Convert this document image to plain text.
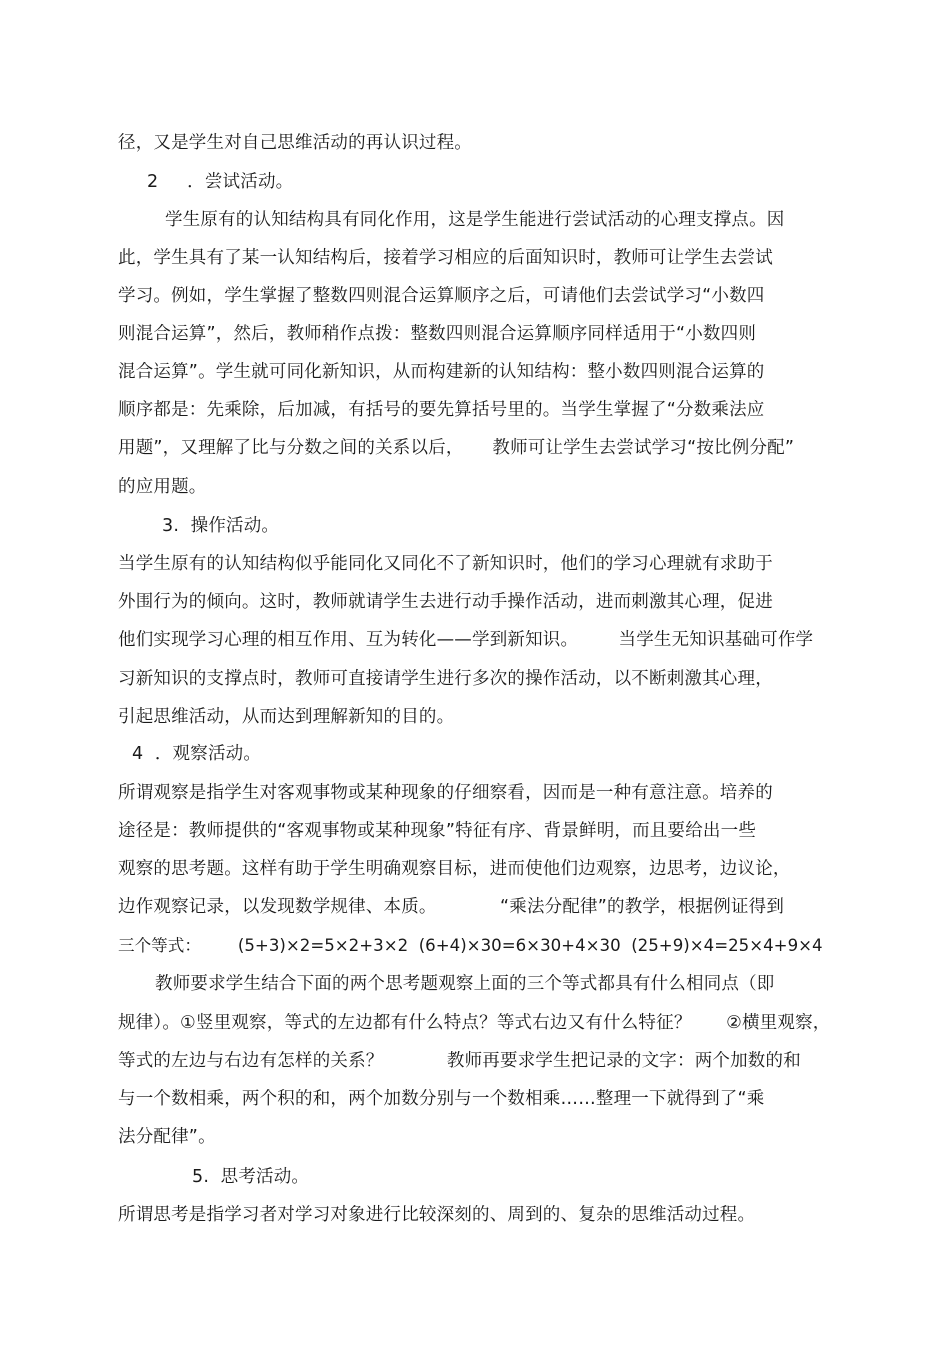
径，又是学生对自己思维活动的再认识过程。
2     ．尝试活动。
学生原有的认知结构具有同化作用，这是学生能进行尝试活动的心理支撑点。因
此，学生具有了某一认知结构后，接着学习相应的后面知识时，教师可让学生去尝试
学习。例如，学生掌握了整数四则混合运算顺序之后，可请他们去尝试学习“小数四
则混合运算”，然后，教师稍作点拨：整数四则混合运算顺序同样适用于“小数四则
混合运算”。学生就可同化新知识，从而构建新的认知结构：整小数四则混合运算的
顺序都是：先乘除，后加减，有括号的要先算括号里的。当学生掌握了“分数乘法应
用题”，又理解了比与分数之间的关系以后，     教师可让学生去尝试学习“按比例分配”
的应用题。
3.  操作活动。
当学生原有的认知结构似乎能同化又同化不了新知识时，他们的学习心理就有求助于
外围行为的倾向。这时，教师就请学生去进行动手操作活动，进而刺激其心理，促进
他们实现学习心理的相互作用、互为转化——学到新知识。       当学生无知识基础可作学
习新知识的支撑点时，教师可直接请学生进行多次的操作活动，以不断刺激其心理，
引起思维活动，从而达到理解新知的目的。
4  ．观察活动。
所谓观察是指学生对客观事物或某种现象的仔细察看，因而是一种有意注意。培养的
途径是：教师提供的“客观事物或某种现象”特征有序、背景鲜明，而且要给出一些
观察的思考题。这样有助于学生明确观察目标，进而使他们边观察，边思考，边议论，
边作观察记录，以发现数学规律、本质。           “乘法分配律”的教学，根据例证得到
三个等式：       (5+3)×2=5×2+3×2  (6+4)×30=6×30+4×30  (25+9)×4=25×4+9×4
教师要求学生结合下面的两个思考题观察上面的三个等式都具有什么相同点（即
规律）。①竖里观察，等式的左边都有什么特点？等式右边又有什么特征？      ②横里观察，
等式的左边与右边有怎样的关系？           教师再要求学生把记录的文字：两个加数的和
与一个数相乘，两个积的和，两个加数分别与一个数相乘……整理一下就得到了“乘
法分配律”。
5.  思考活动。
所谓思考是指学习者对学习对象进行比较深刻的、周到的、复杂的思维活动过程。
